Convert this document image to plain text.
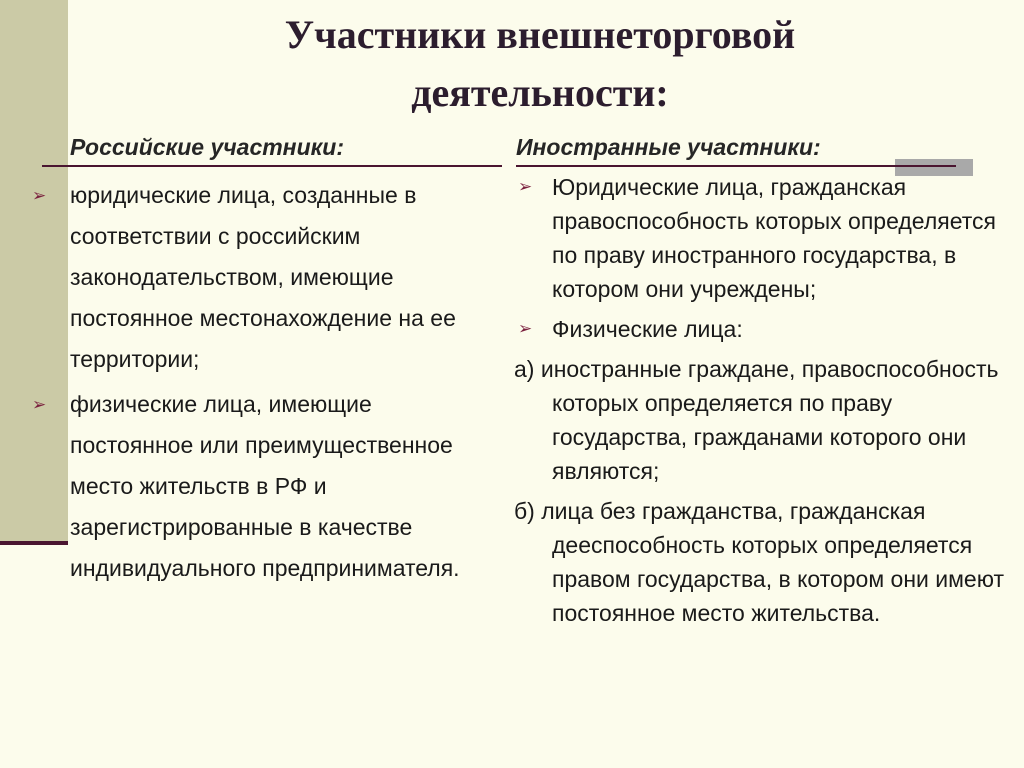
Участники внешнеторговой
деятельности:
Российские участники:	Иностранные участники:
➢ юридические лица, созданные в соответствии с российским законодательством, имеющие постоянное местонахождение на ее территории;
➢ физические лица, имеющие постоянное или преимущественное место жительств в РФ и зарегистрированные в качестве индивидуального предпринимателя.
➢ Юридические лица, гражданская правоспособность которых определяется по праву иностранного государства, в котором они учреждены;
➢ Физические лица:
а) иностранные граждане, правоспособность которых определяется по праву государства, гражданами которого они являются;
б) лица без гражданства, гражданская дееспособность которых определяется правом государства, в котором они имеют постоянное место жительства.
